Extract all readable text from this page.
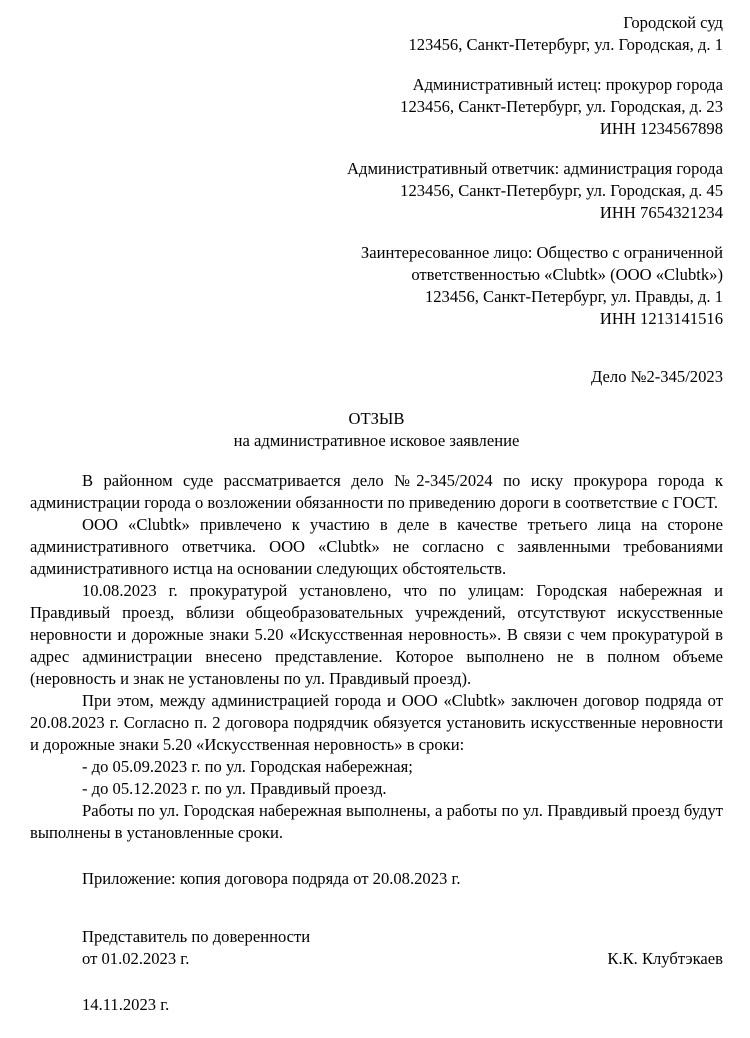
Городской суд
123456, Санкт-Петербург, ул. Городская, д. 1
Административный истец: прокурор города
123456, Санкт-Петербург, ул. Городская, д. 23
ИНН 1234567898
Административный ответчик: администрация города
123456, Санкт-Петербург, ул. Городская, д. 45
ИНН 7654321234
Заинтересованное лицо: Общество с ограниченной
ответственностью «Clubtk» (ООО «Clubtk»)
123456, Санкт-Петербург, ул. Правды, д. 1
ИНН 1213141516
Дело №2-345/2023
ОТЗЫВ
на административное исковое заявление

В районном суде рассматривается дело №2-345/2024 по иску прокурора города к администрации города о возложении обязанности по приведению дороги в соответствие с ГОСТ.

ООО «Clubtk» привлечено к участию в деле в качестве третьего лица на стороне административного ответчика. ООО «Clubtk» не согласно с заявленными требованиями административного истца на основании следующих обстоятельств.

10.08.2023 г. прокуратурой установлено, что по улицам: Городская набережная и Правдивый проезд, вблизи общеобразовательных учреждений, отсутствуют искусственные неровности и дорожные знаки 5.20 «Искусственная неровность». В связи с чем прокуратурой в адрес администрации внесено представление. Которое выполнено не в полном объеме (неровность и знак не установлены по ул. Правдивый проезд).

При этом, между администрацией города и ООО «Clubtk» заключен договор подряда от 20.08.2023 г. Согласно п. 2 договора подрядчик обязуется установить искусственные неровности и дорожные знаки 5.20 «Искусственная неровность» в сроки:

- до 05.09.2023 г. по ул. Городская набережная;

- до 05.12.2023 г. по ул. Правдивый проезд.

Работы по ул. Городская набережная выполнены, а работы по ул. Правдивый проезд будут выполнены в установленные сроки.

Приложение: копия договора подряда от 20.08.2023 г.
Представитель по доверенности
от 01.02.2023 г.	К.К. Клубтэкаев
14.11.2023 г.
